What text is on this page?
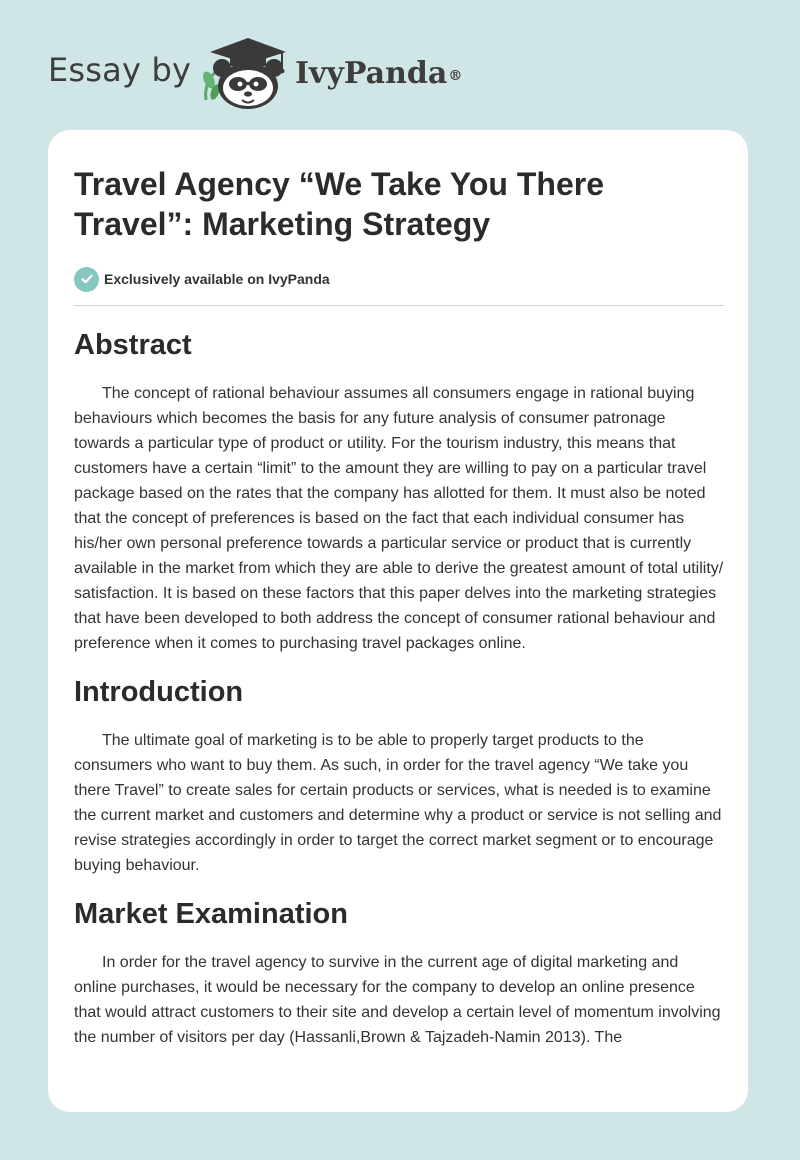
Essay by	IvyPanda®
Travel Agency “We Take You There Travel”: Marketing Strategy
Exclusively available on IvyPanda
Abstract

The concept of rational behaviour assumes all consumers engage in rational buying behaviours which becomes the basis for any future analysis of consumer patronage towards a particular type of product or utility. For the tourism industry, this means that customers have a certain “limit” to the amount they are willing to pay on a particular travel package based on the rates that the company has allotted for them. It must also be noted that the concept of preferences is based on the fact that each individual consumer has his/her own personal preference towards a particular service or product that is currently available in the market from which they are able to derive the greatest amount of total utility/ satisfaction. It is based on these factors that this paper delves into the marketing strategies that have been developed to both address the concept of consumer rational behaviour and preference when it comes to purchasing travel packages online.

Introduction

The ultimate goal of marketing is to be able to properly target products to the consumers who want to buy them. As such, in order for the travel agency “We take you there Travel” to create sales for certain products or services, what is needed is to examine the current market and customers and determine why a product or service is not selling and revise strategies accordingly in order to target the correct market segment or to encourage buying behaviour.

Market Examination

In order for the travel agency to survive in the current age of digital marketing and online purchases, it would be necessary for the company to develop an online presence that would attract customers to their site and develop a certain level of momentum involving the number of visitors per day (Hassanli,Brown & Tajzadeh-Namin 2013). The
